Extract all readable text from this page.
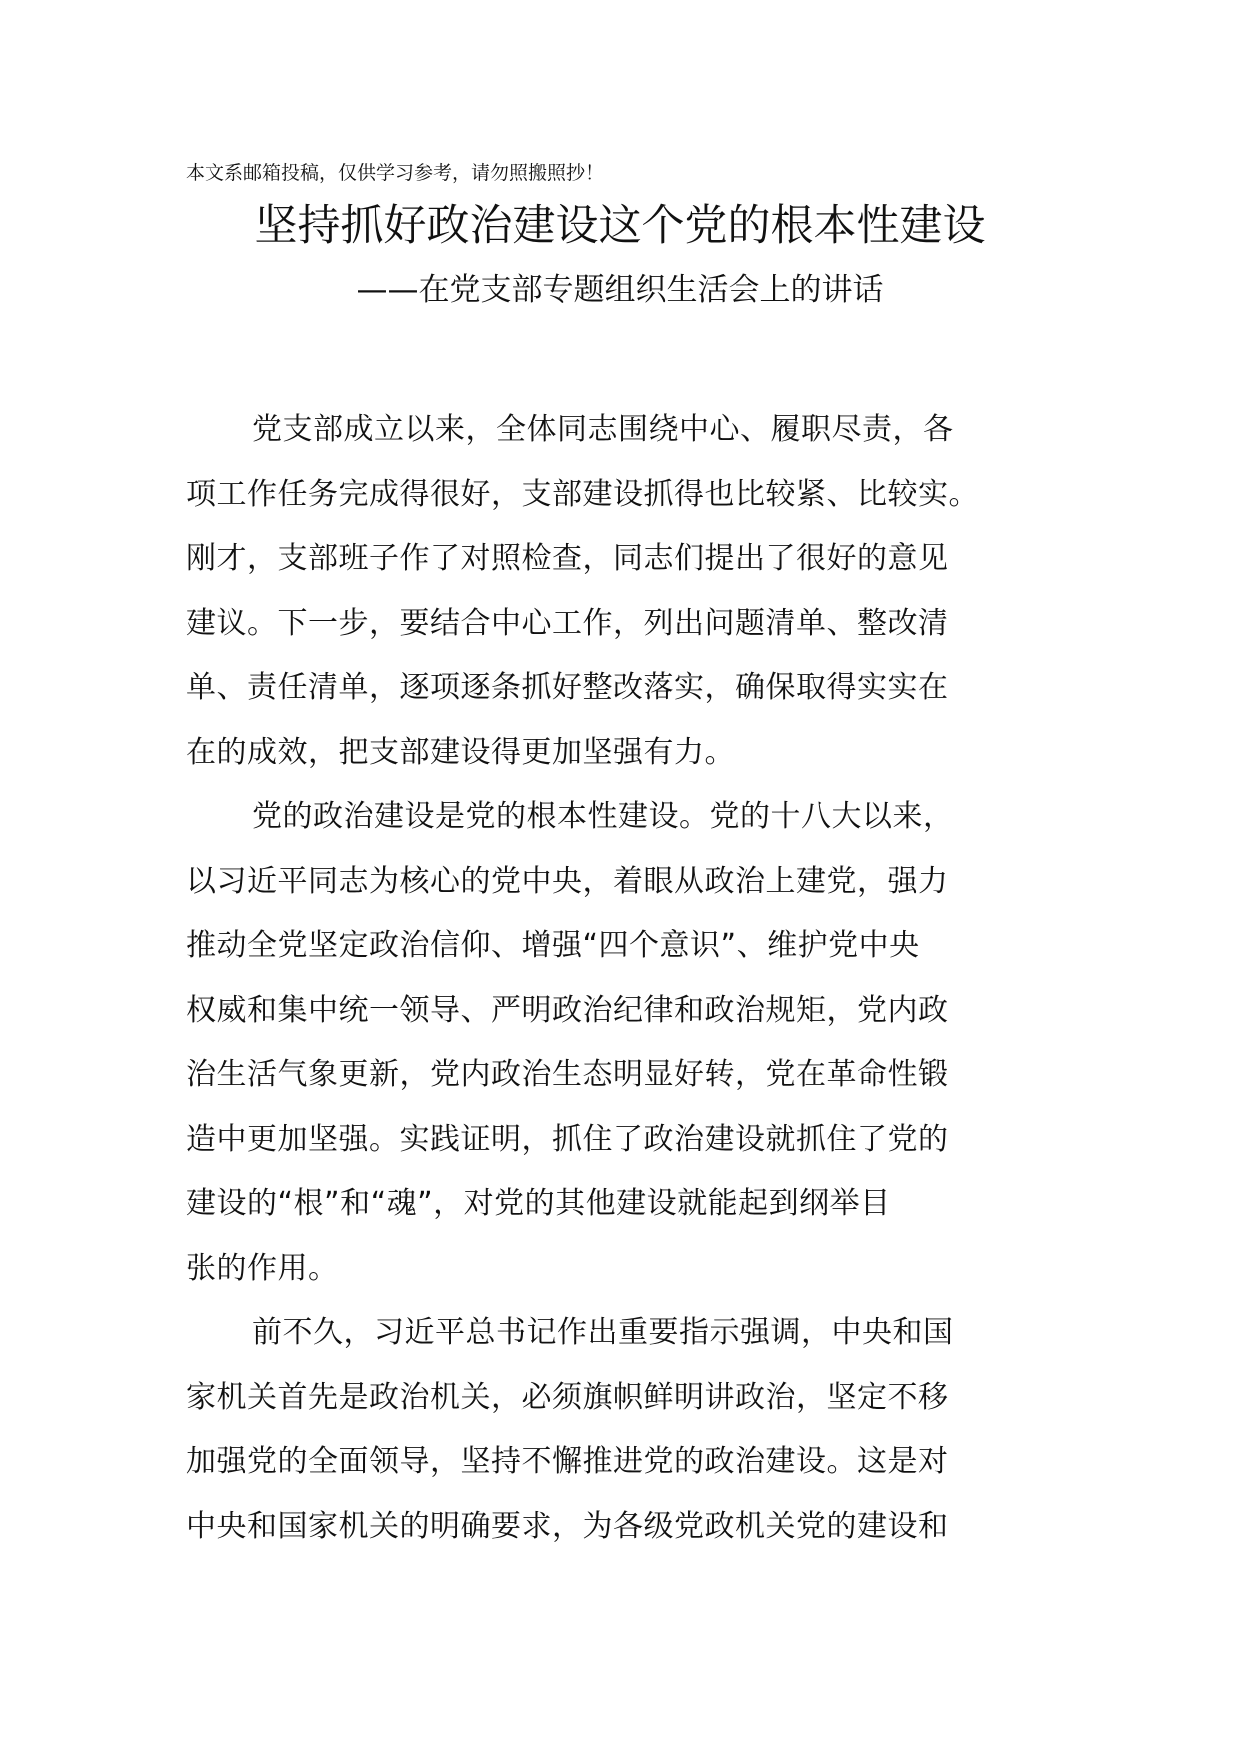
本文系邮箱投稿，仅供学习参考，请勿照搬照抄！
坚持抓好政治建设这个党的根本性建设
——在党支部专题组织生活会上的讲话
党支部成立以来，全体同志围绕中心、履职尽责，各
项工作任务完成得很好，支部建设抓得也比较紧、比较实。
刚才，支部班子作了对照检查，同志们提出了很好的意见
建议。下一步，要结合中心工作，列出问题清单、整改清
单、责任清单，逐项逐条抓好整改落实，确保取得实实在
在的成效，把支部建设得更加坚强有力。
党的政治建设是党的根本性建设。党的十八大以来，
以习近平同志为核心的党中央，着眼从政治上建党，强力
推动全党坚定政治信仰、增强“四个意识”、维护党中央
权威和集中统一领导、严明政治纪律和政治规矩，党内政
治生活气象更新，党内政治生态明显好转，党在革命性锻
造中更加坚强。实践证明，抓住了政治建设就抓住了党的
建设的“根”和“魂”，对党的其他建设就能起到纲举目
张的作用。
前不久，习近平总书记作出重要指示强调，中央和国
家机关首先是政治机关，必须旗帜鲜明讲政治，坚定不移
加强党的全面领导，坚持不懈推进党的政治建设。这是对
中央和国家机关的明确要求，为各级党政机关党的建设和
